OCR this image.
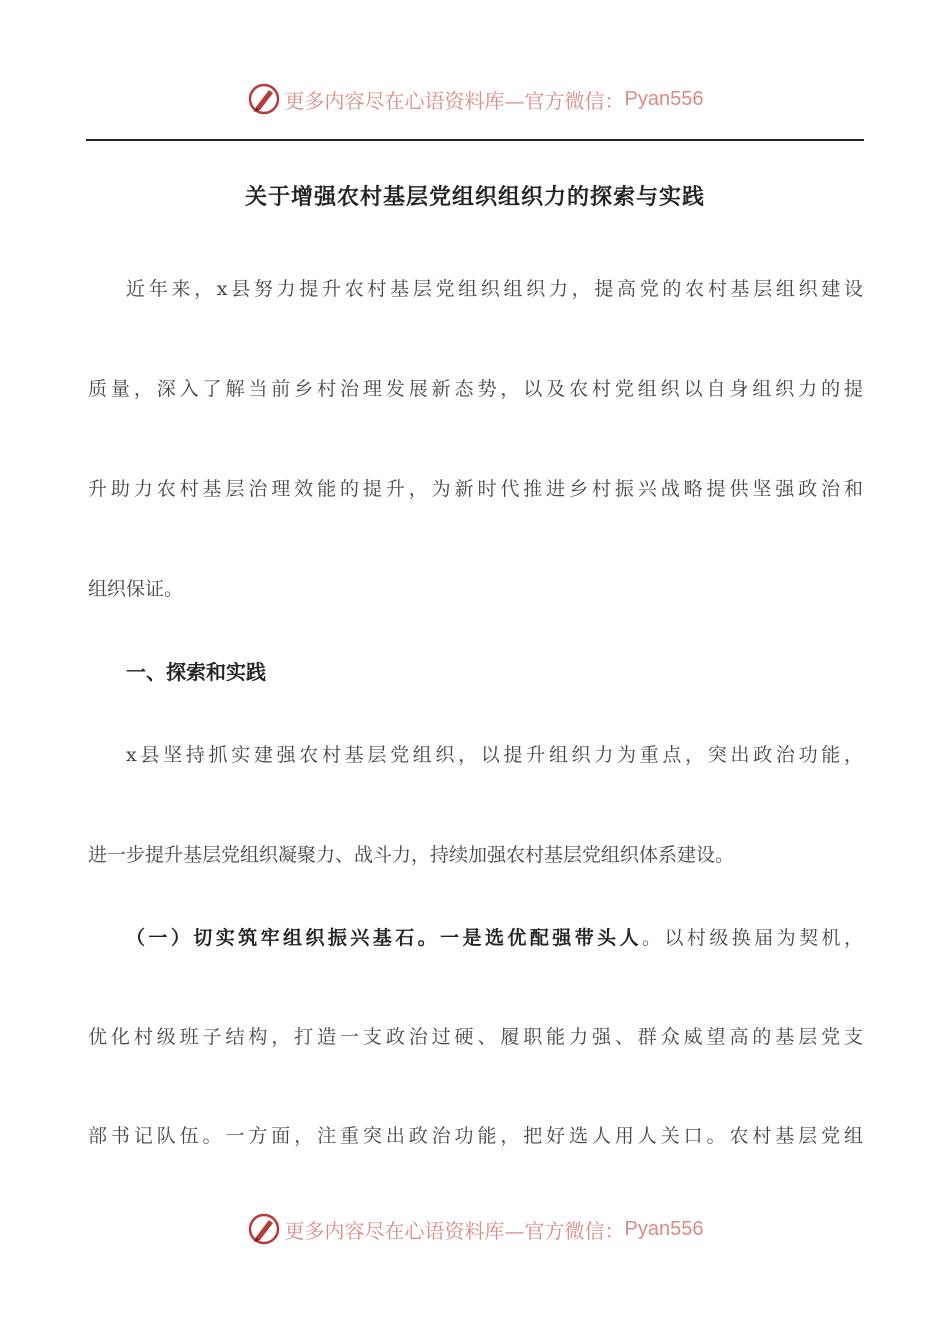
更多内容尽在心语资料库—官方微信： Pyan556
关于增强农村基层党组织组织力的探索与实践
近年来，x县努力提升农村基层党组织组织力，提高党的农村基层组织建设
质量，深入了解当前乡村治理发展新态势，以及农村党组织以自身组织力的提
升助力农村基层治理效能的提升，为新时代推进乡村振兴战略提供坚强政治和
组织保证。
一、探索和实践
x县坚持抓实建强农村基层党组织，以提升组织力为重点，突出政治功能，
进一步提升基层党组织凝聚力、战斗力，持续加强农村基层党组织体系建设。
（一）切实筑牢组织振兴基石。一是选优配强带头人。以村级换届为契机，
优化村级班子结构，打造一支政治过硬、履职能力强、群众威望高的基层党支
部书记队伍。一方面，注重突出政治功能，把好选人用人关口。农村基层党组
更多内容尽在心语资料库—官方微信： Pyan556
